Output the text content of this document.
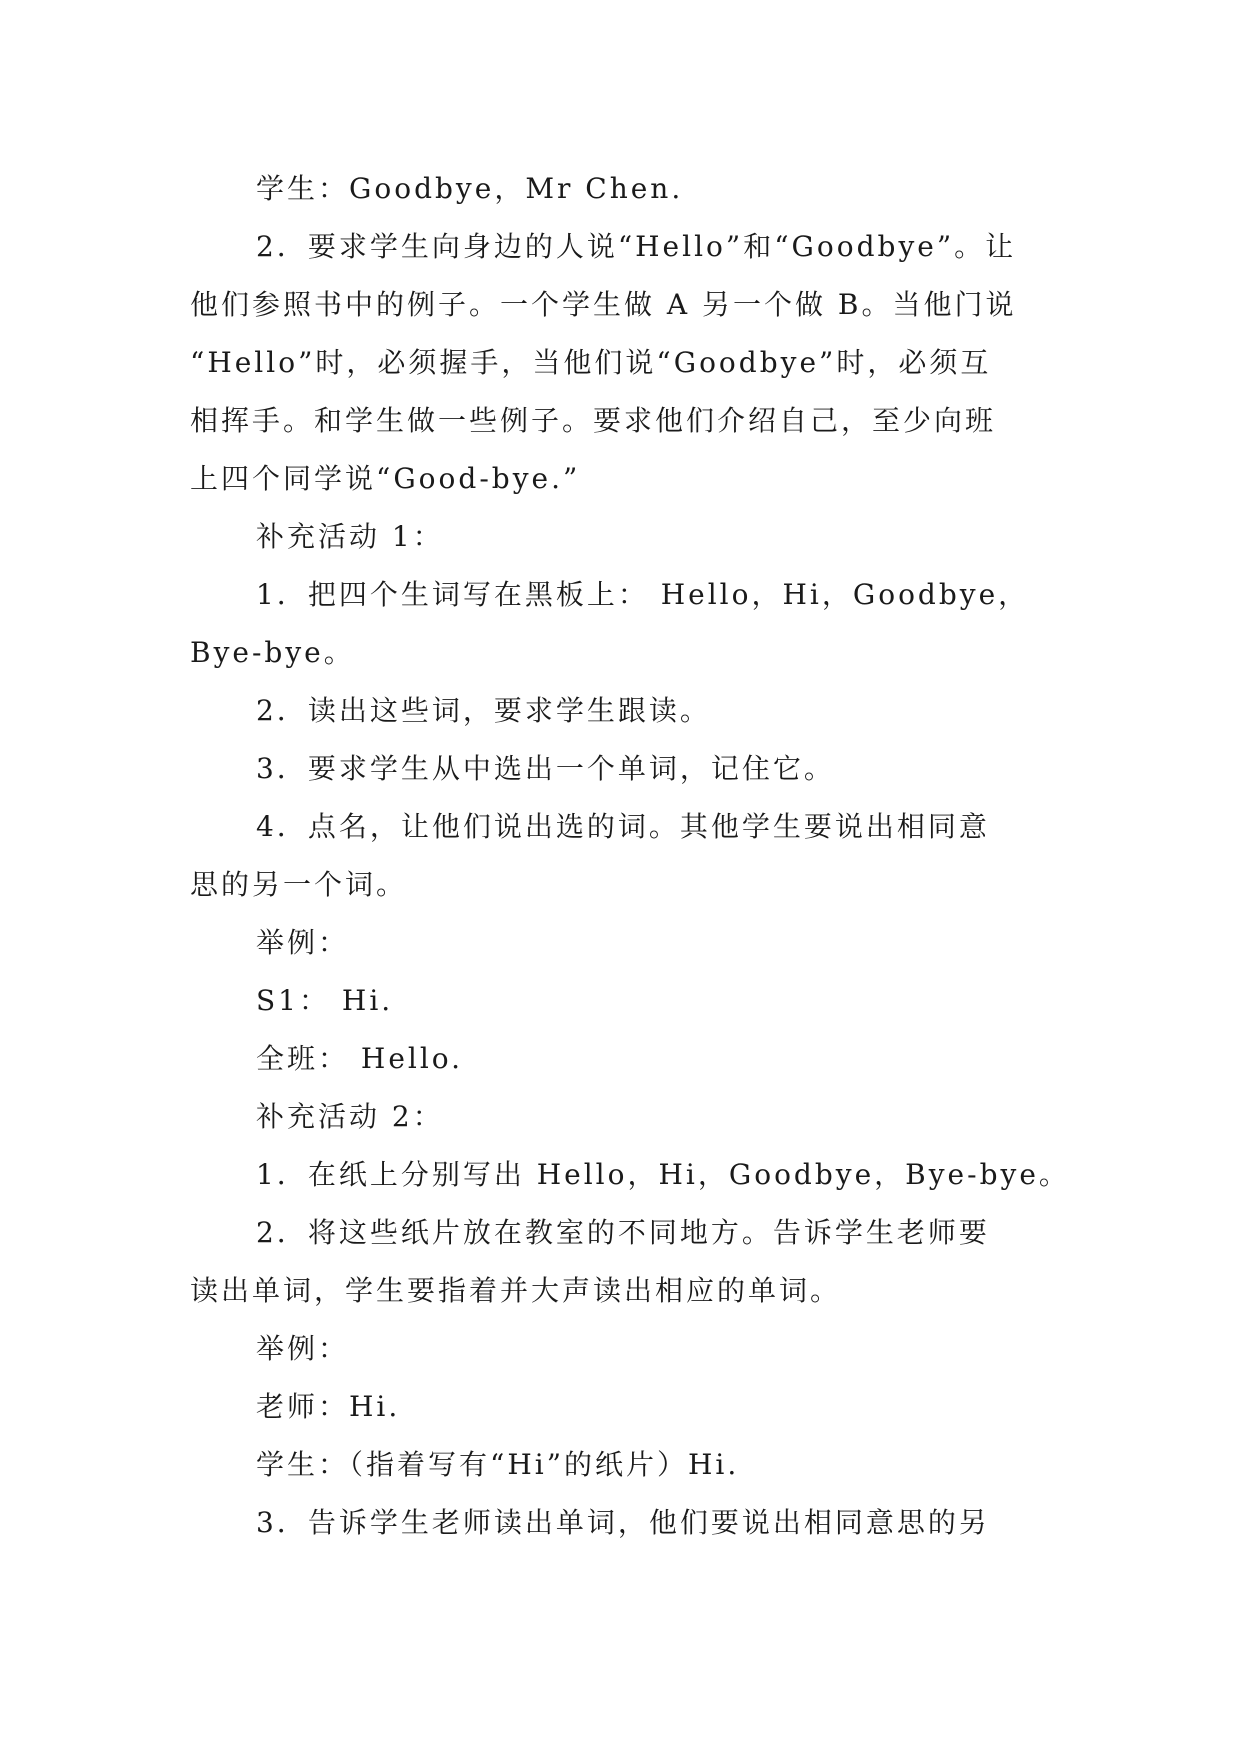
学生：Goodbye，Mr Chen.
2．要求学生向身边的人说“Hello”和“Goodbye”。让
他们参照书中的例子。一个学生做 A 另一个做 B。当他门说
“Hello”时，必须握手，当他们说“Goodbye”时，必须互
相挥手。和学生做一些例子。要求他们介绍自己，至少向班
上四个同学说“Good-bye.”
补充活动 1：
1．把四个生词写在黑板上： Hello，Hi，Goodbye，
Bye-bye。
2．读出这些词，要求学生跟读。
3．要求学生从中选出一个单词，记住它。
4．点名，让他们说出选的词。其他学生要说出相同意
思的另一个词。
举例：
S1： Hi.
全班： Hello.
补充活动 2：
1．在纸上分别写出 Hello，Hi，Goodbye，Bye-bye。
2．将这些纸片放在教室的不同地方。告诉学生老师要
读出单词，学生要指着并大声读出相应的单词。
举例：
老师：Hi.
学生：（指着写有“Hi”的纸片）Hi.
3．告诉学生老师读出单词，他们要说出相同意思的另
